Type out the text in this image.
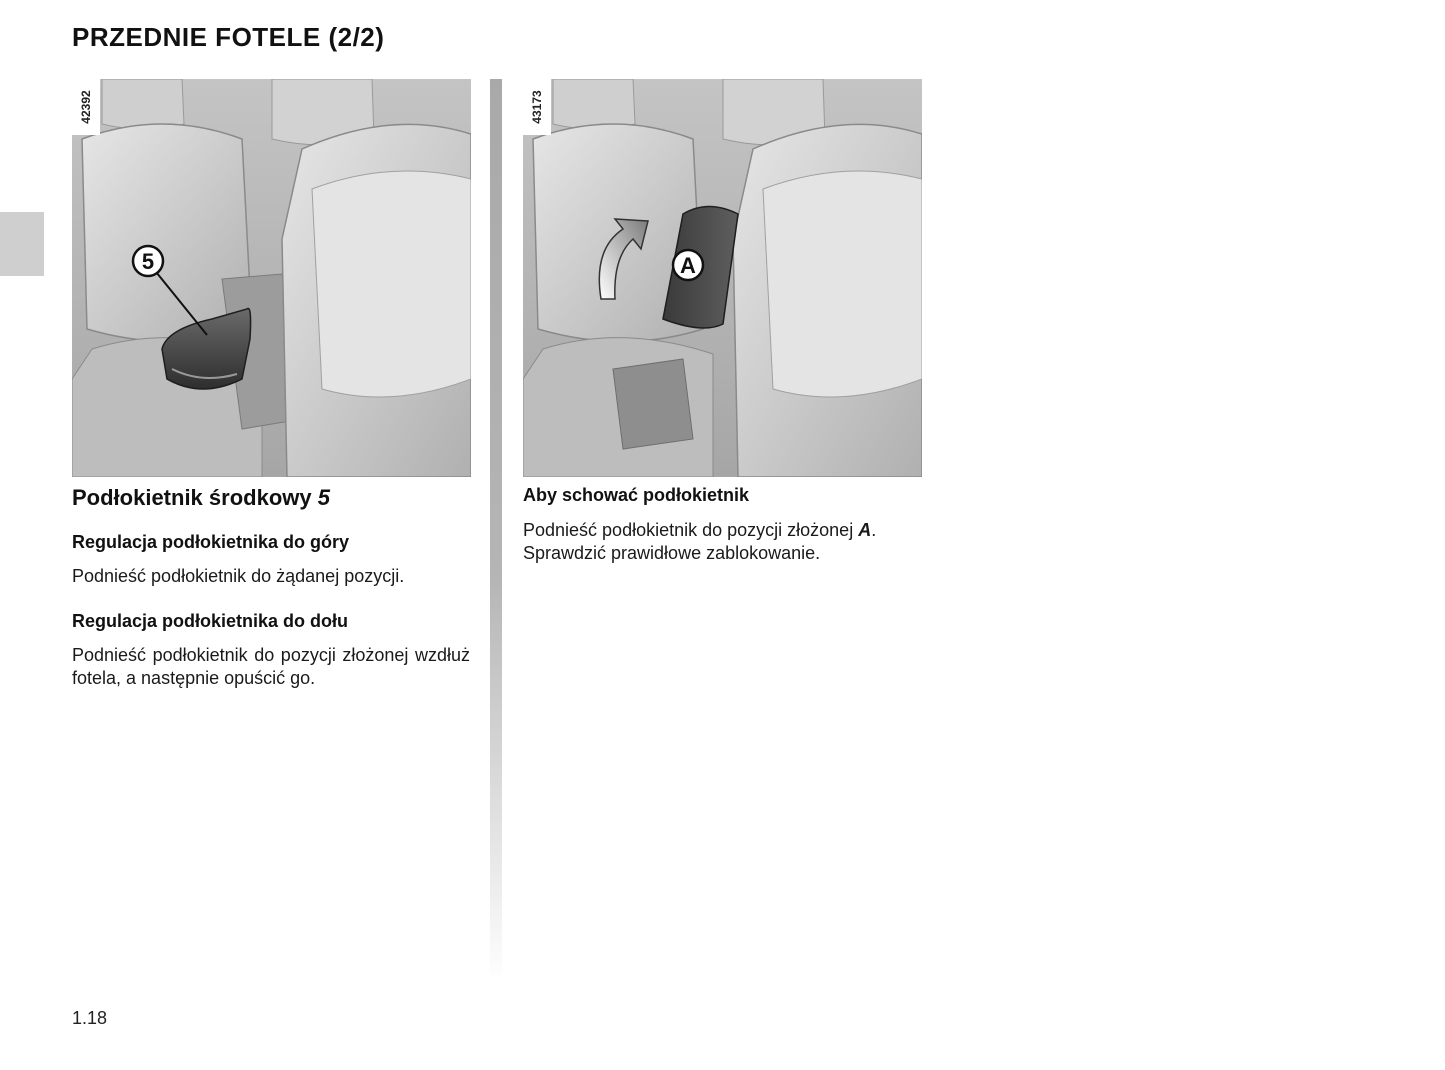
PRZEDNIE FOTELE (2/2)
5
42392
A
43173

Podłokietnik środkowy 5

Regulacja podłokietnika do góry

Podnieść podłokietnik do żądanej pozycji.

Regulacja podłokietnika do dołu

Podnieść podłokietnik do pozycji złożonej wzdłuż fotela, a następnie opuścić go.

Aby schować podłokietnik

Podnieść podłokietnik do pozycji złożonej A.
Sprawdzić prawidłowe zablokowanie.

1.18
